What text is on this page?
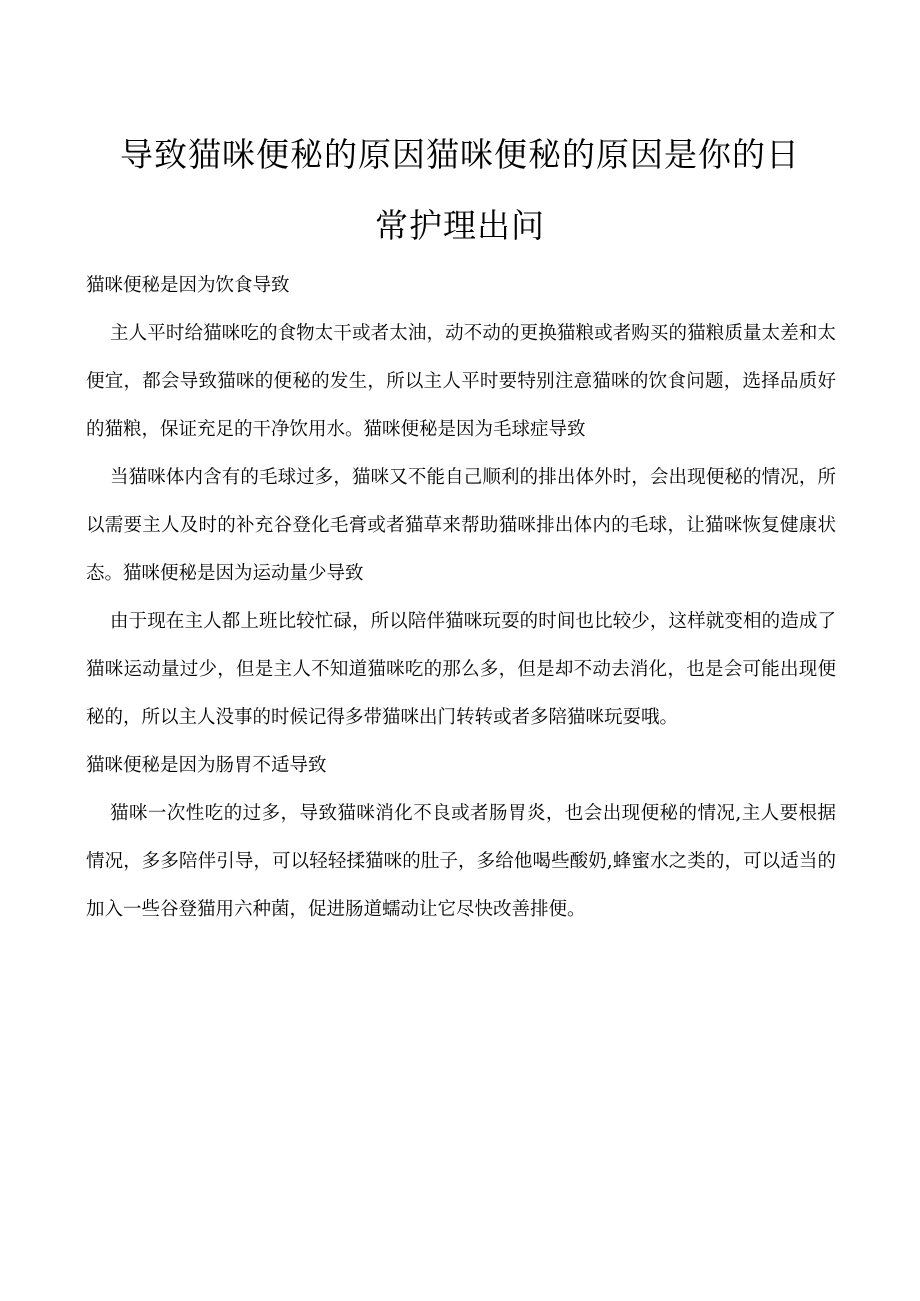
导致猫咪便秘的原因猫咪便秘的原因是你的日
常护理出问

猫咪便秘是因为饮食导致

主人平时给猫咪吃的食物太干或者太油，动不动的更换猫粮或者购买的猫粮质量太差和太便宜，都会导致猫咪的便秘的发生，所以主人平时要特别注意猫咪的饮食问题，选择品质好的猫粮，保证充足的干净饮用水。猫咪便秘是因为毛球症导致

当猫咪体内含有的毛球过多，猫咪又不能自己顺利的排出体外时，会出现便秘的情况，所以需要主人及时的补充谷登化毛膏或者猫草来帮助猫咪排出体内的毛球，让猫咪恢复健康状态。猫咪便秘是因为运动量少导致

由于现在主人都上班比较忙碌，所以陪伴猫咪玩耍的时间也比较少，这样就变相的造成了猫咪运动量过少，但是主人不知道猫咪吃的那么多，但是却不动去消化，也是会可能出现便秘的，所以主人没事的时候记得多带猫咪出门转转或者多陪猫咪玩耍哦。

猫咪便秘是因为肠胃不适导致

猫咪一次性吃的过多，导致猫咪消化不良或者肠胃炎，也会出现便秘的情况,主人要根据情况，多多陪伴引导，可以轻轻揉猫咪的肚子，多给他喝些酸奶,蜂蜜水之类的，可以适当的加入一些谷登猫用六种菌，促进肠道蠕动让它尽快改善排便。
